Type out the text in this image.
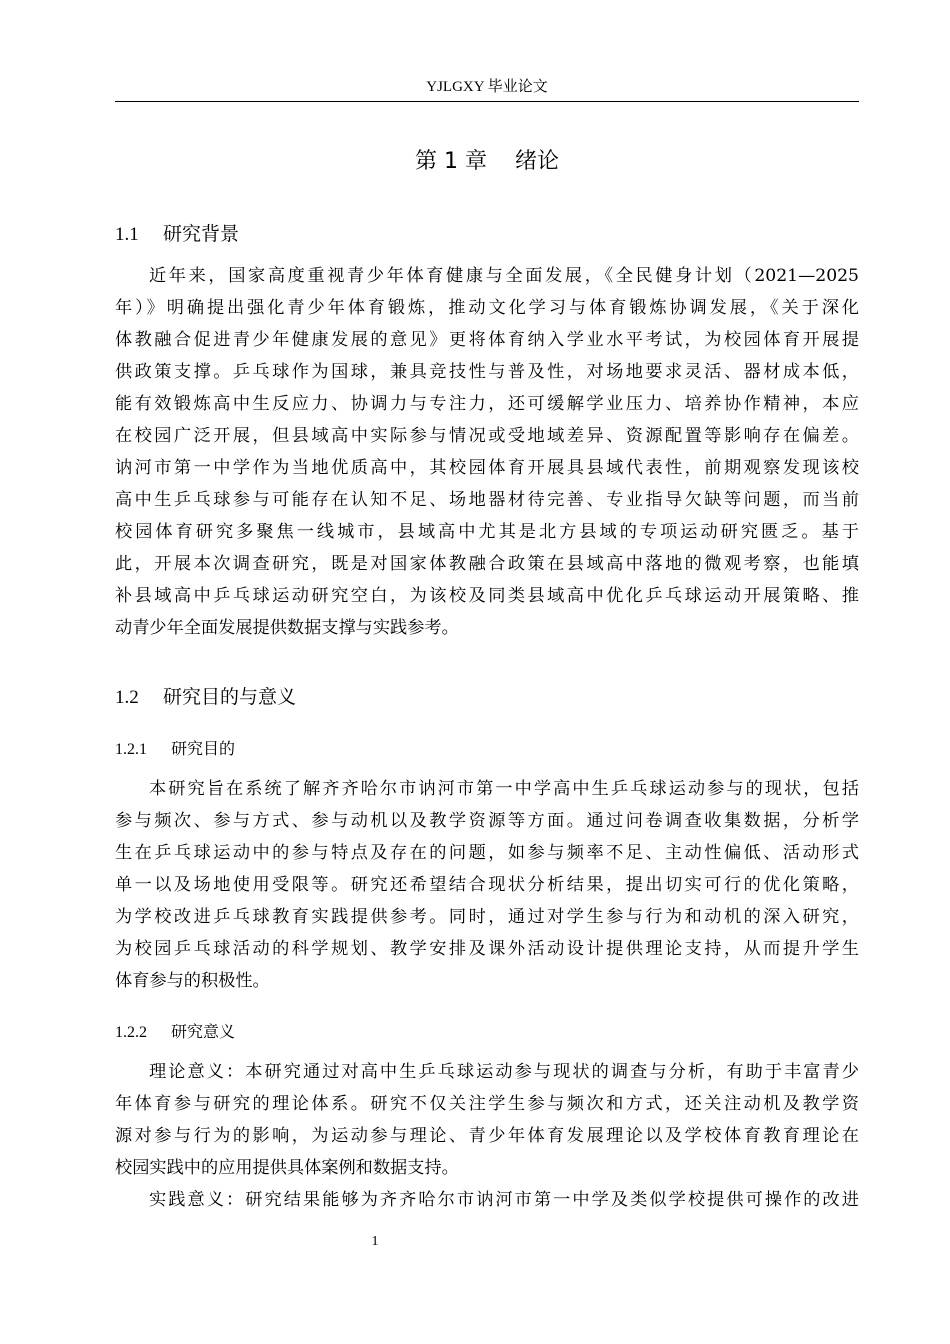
YJLGXY 毕业论文
第 1 章    绪论
1.1 研究背景
近年来，国家高度重视青少年体育健康与全面发展，《全民健身计划（2021—2025
年）》明确提出强化青少年体育锻炼，推动文化学习与体育锻炼协调发展，《关于深化
体教融合促进青少年健康发展的意见》更将体育纳入学业水平考试，为校园体育开展提
供政策支撑。乒乓球作为国球，兼具竞技性与普及性，对场地要求灵活、器材成本低，
能有效锻炼高中生反应力、协调力与专注力，还可缓解学业压力、培养协作精神，本应
在校园广泛开展，但县域高中实际参与情况或受地域差异、资源配置等影响存在偏差。
讷河市第一中学作为当地优质高中，其校园体育开展具县域代表性，前期观察发现该校
高中生乒乓球参与可能存在认知不足、场地器材待完善、专业指导欠缺等问题，而当前
校园体育研究多聚焦一线城市，县域高中尤其是北方县域的专项运动研究匮乏。基于
此，开展本次调查研究，既是对国家体教融合政策在县域高中落地的微观考察，也能填
补县域高中乒乓球运动研究空白，为该校及同类县域高中优化乒乓球运动开展策略、推
动青少年全面发展提供数据支撑与实践参考。
1.2 研究目的与意义
1.2.1 研究目的
本研究旨在系统了解齐齐哈尔市讷河市第一中学高中生乒乓球运动参与的现状，包括
参与频次、参与方式、参与动机以及教学资源等方面。通过问卷调查收集数据，分析学
生在乒乓球运动中的参与特点及存在的问题，如参与频率不足、主动性偏低、活动形式
单一以及场地使用受限等。研究还希望结合现状分析结果，提出切实可行的优化策略，
为学校改进乒乓球教育实践提供参考。同时，通过对学生参与行为和动机的深入研究，
为校园乒乓球活动的科学规划、教学安排及课外活动设计提供理论支持，从而提升学生
体育参与的积极性。
1.2.2 研究意义
理论意义：本研究通过对高中生乒乓球运动参与现状的调查与分析，有助于丰富青少
年体育参与研究的理论体系。研究不仅关注学生参与频次和方式，还关注动机及教学资
源对参与行为的影响，为运动参与理论、青少年体育发展理论以及学校体育教育理论在
校园实践中的应用提供具体案例和数据支持。
实践意义：研究结果能够为齐齐哈尔市讷河市第一中学及类似学校提供可操作的改进
1
